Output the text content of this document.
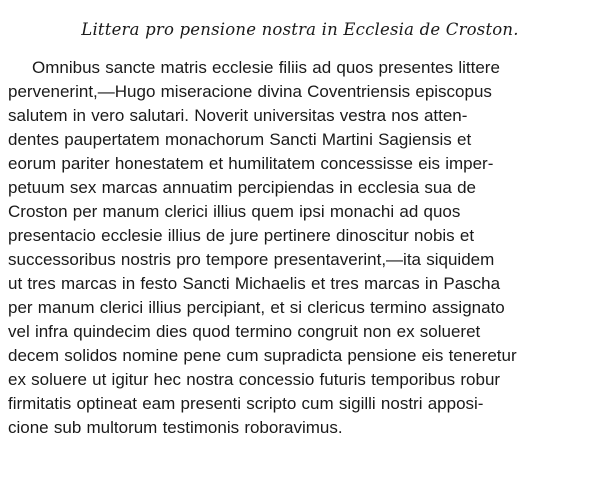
Littera pro pensione nostra in Ecclesia de Croston.
Omnibus sancte matris ecclesie filiis ad quos presentes littere
pervenerint,—Hugo miseracione divina Coventriensis episcopus
salutem in vero salutari. Noverit universitas vestra nos atten-
dentes paupertatem monachorum Sancti Martini Sagiensis et
eorum pariter honestatem et humilitatem concessisse eis imper-
petuum sex marcas annuatim percipiendas in ecclesia sua de
Croston per manum clerici illius quem ipsi monachi ad quos
presentacio ecclesie illius de jure pertinere dinoscitur nobis et
successoribus nostris pro tempore presentaverint,—ita siquidem
ut tres marcas in festo Sancti Michaelis et tres marcas in Pascha
per manum clerici illius percipiant, et si clericus termino assignato
vel infra quindecim dies quod termino congruit non ex solueret
decem solidos nomine pene cum supradicta pensione eis teneretur
ex soluere ut igitur hec nostra concessio futuris temporibus robur
firmitatis optineat eam presenti scripto cum sigilli nostri apposi-
cione sub multorum testimonis roboravimus.
